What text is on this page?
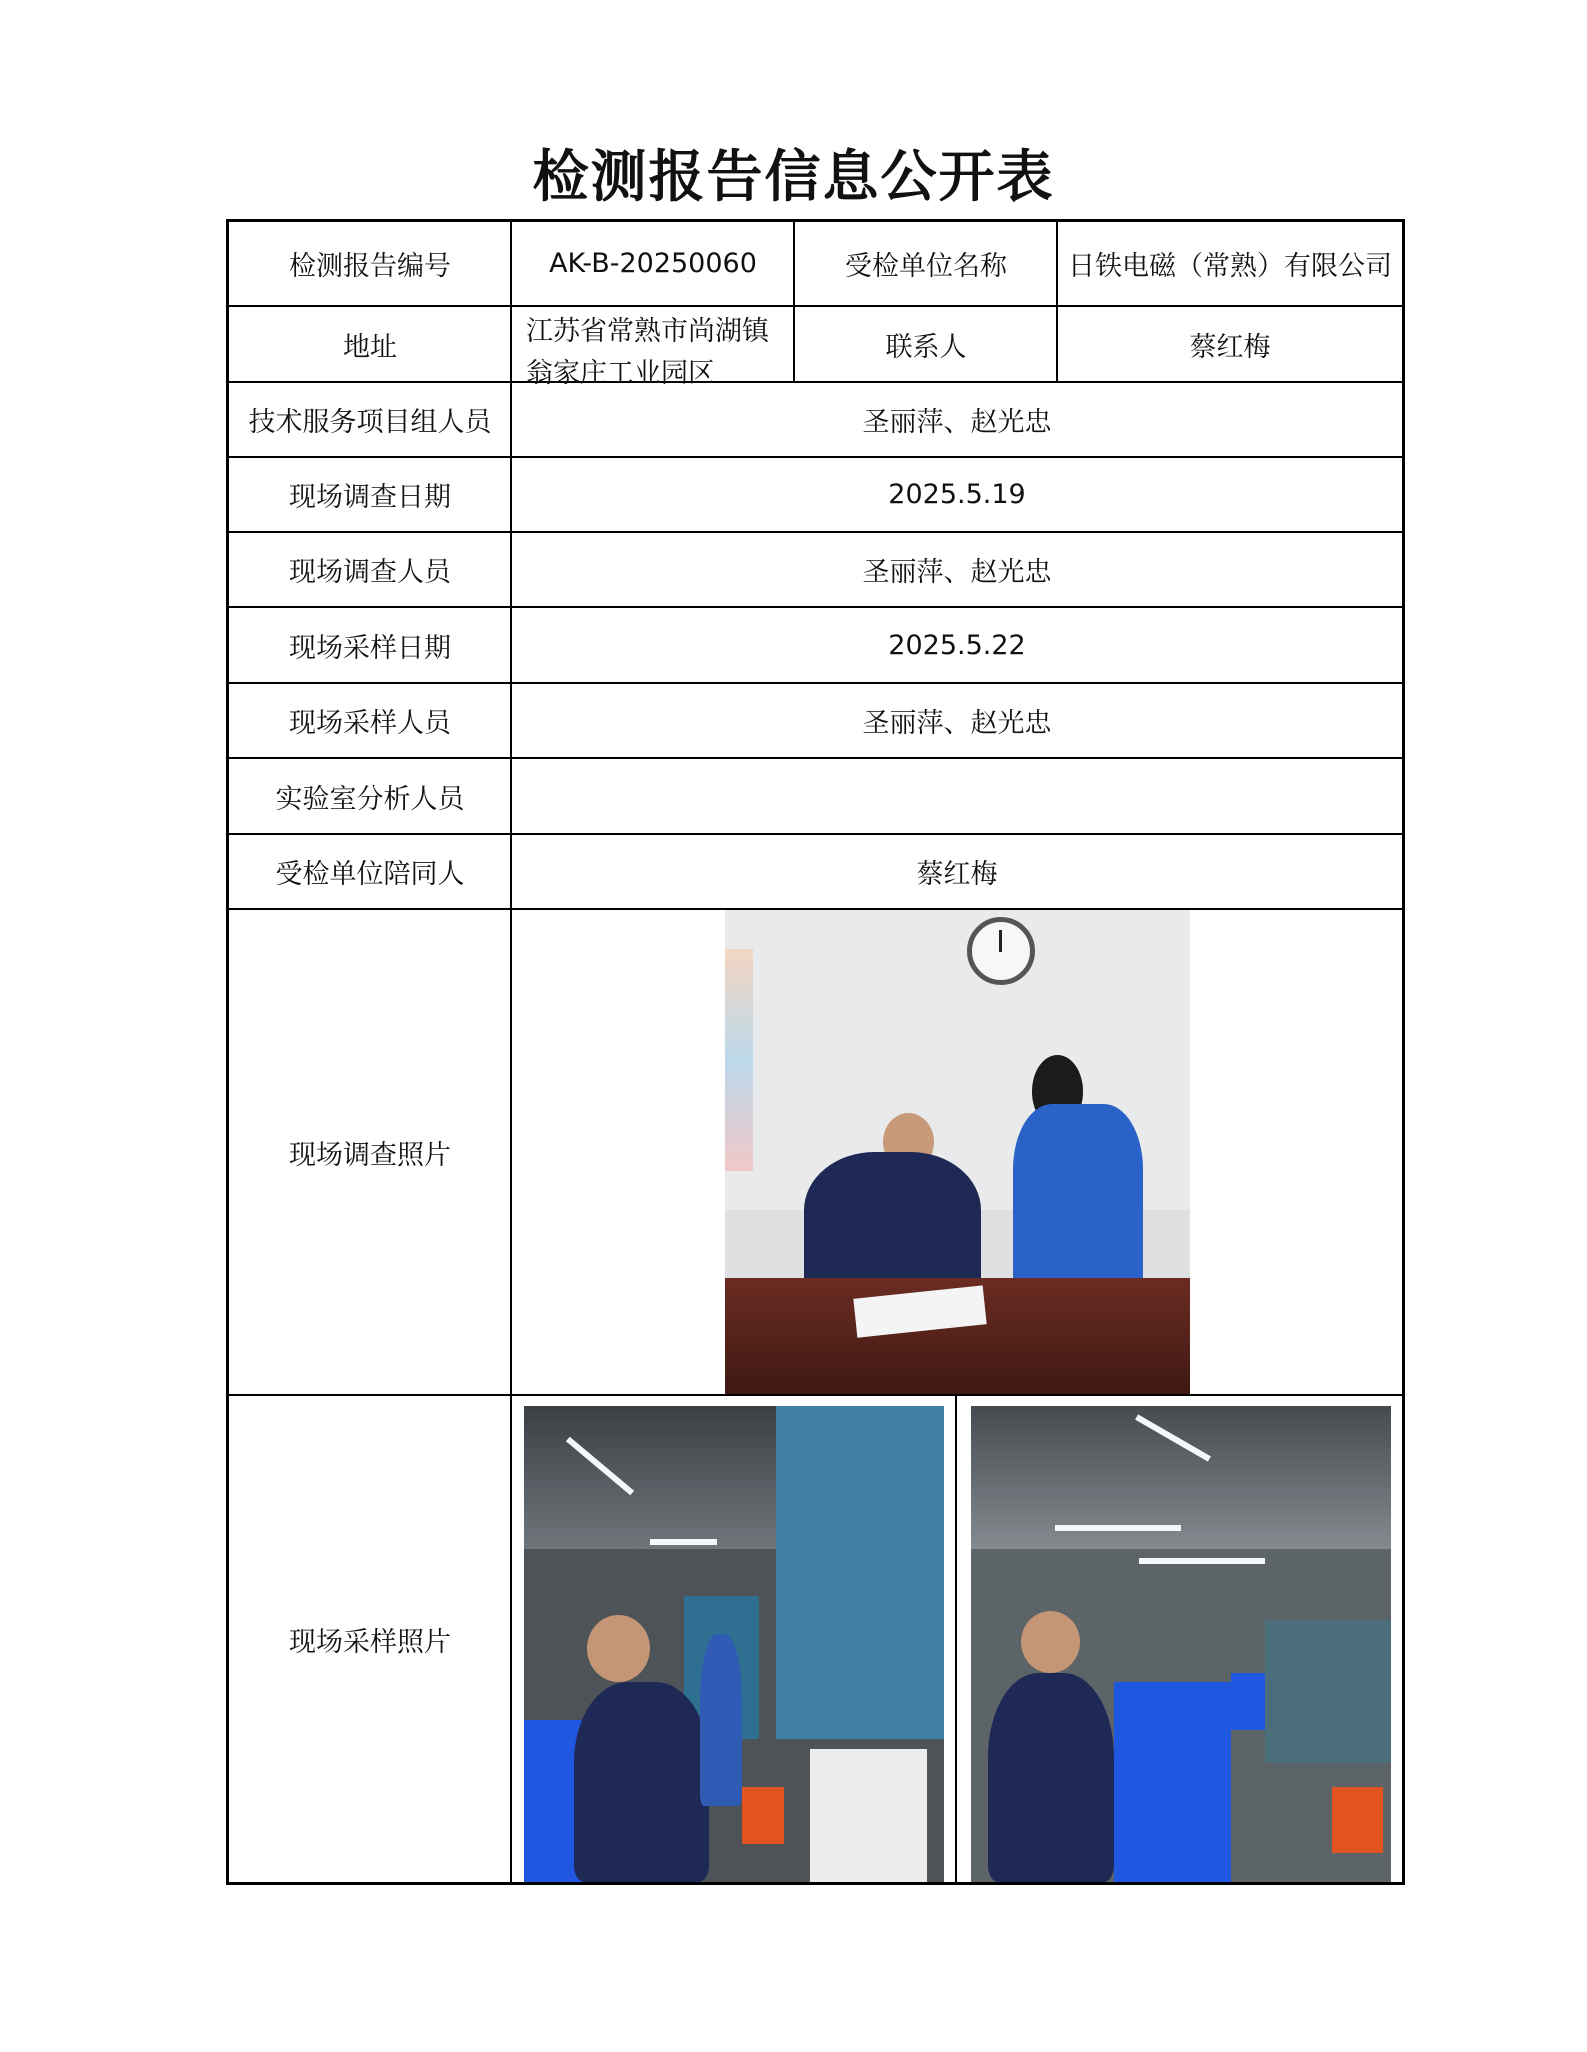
检测报告信息公开表
检测报告编号	AK-B-20250060	受检单位名称	日铁电磁（常熟）有限公司
地址	江苏省常熟市尚湖镇
翁家庄工业园区
联系人	蔡红梅
技术服务项目组人员	圣丽萍、赵光忠
现场调查日期	2025.5.19
现场调查人员	圣丽萍、赵光忠
现场采样日期	2025.5.22
现场采样人员	圣丽萍、赵光忠
实验室分析人员
受检单位陪同人	蔡红梅
现场调查照片
现场采样照片
